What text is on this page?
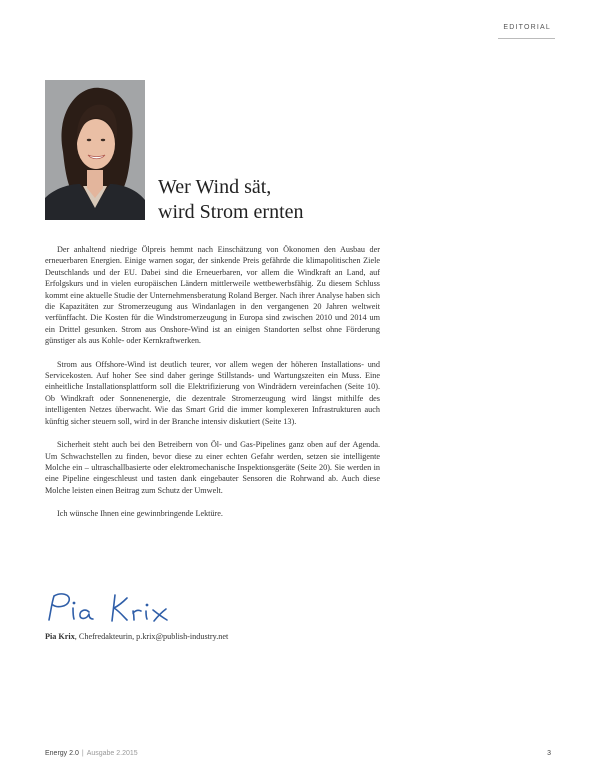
EDITORIAL
Wer Wind sät,
wird Strom ernten

Der anhaltend niedrige Ölpreis hemmt nach Einschätzung von Ökonomen den Ausbau der erneuerbaren Energien. Einige warnen sogar, der sinkende Preis gefährde die klimapolitischen Ziele Deutschlands und der EU. Dabei sind die Erneuerbaren, vor allem die Windkraft an Land, auf Erfolgskurs und in vielen europäischen Ländern mittlerweile wettbewerbsfähig. Zu diesem Schluss kommt eine aktuelle Studie der Unternehmensberatung Roland Berger. Nach ihrer Analyse haben sich die Kapazitäten zur Stromerzeugung aus Windanlagen in den vergangenen 20 Jahren weltweit verfünffacht. Die Kosten für die Windstromerzeugung in Europa sind zwischen 2010 und 2014 um ein Drittel gesunken. Strom aus Onshore-Wind ist an einigen Standorten selbst ohne Förderung günstiger als aus Kohle- oder Kernkraftwerken.

Strom aus Offshore-Wind ist deutlich teurer, vor allem wegen der höheren Installations- und Servicekosten. Auf hoher See sind daher geringe Stillstands- und Wartungszeiten ein Muss. Eine einheitliche Installationsplattform soll die Elektrifizierung von Windrädern vereinfachen (Seite 10). Ob Windkraft oder Sonnenenergie, die dezentrale Stromerzeugung wird längst mithilfe des intelligenten Netzes überwacht. Wie das Smart Grid die immer komplexeren Infrastrukturen auch künftig sicher steuern soll, wird in der Branche intensiv diskutiert (Seite 13).

Sicherheit steht auch bei den Betreibern von Öl- und Gas-Pipelines ganz oben auf der Agenda. Um Schwachstellen zu finden, bevor diese zu einer echten Gefahr werden, setzen sie intelligente Molche ein – ultraschallbasierte oder elektromechanische Inspektionsgeräte (Seite 20). Sie werden in eine Pipeline eingeschleust und tasten dank eingebauter Sensoren die Rohrwand ab. Auch diese Molche leisten einen Beitrag zum Schutz der Umwelt.

Ich wünsche Ihnen eine gewinnbringende Lektüre.

Pia Krix, Chefredakteurin, p.krix@publish-industry.net
Energy 2.0 | Ausgabe 2.2015	3
